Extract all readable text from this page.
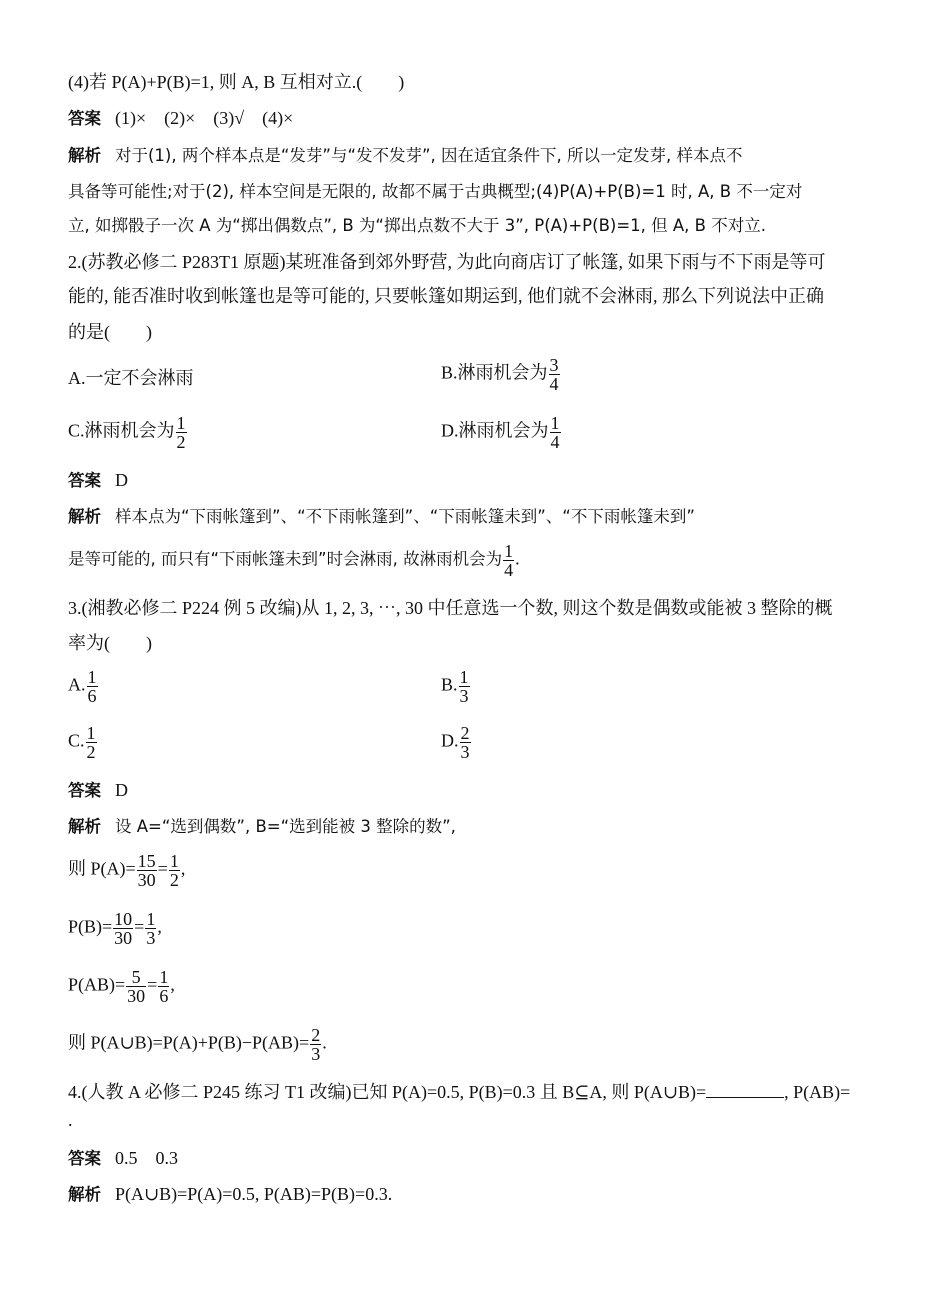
(4)若 P(A)+P(B)=1, 则 A, B 互相对立.(　　)
答案 (1)×　(2)×　(3)√　(4)×
解析 对于(1), 两个样本点是“发芽”与“发不发芽”, 因在适宜条件下, 所以一定发芽, 样本点不
具备等可能性;对于(2), 样本空间是无限的, 故都不属于古典概型;(4)P(A)+P(B)=1 时, A, B 不一定对
立, 如掷骰子一次 A 为“掷出偶数点”, B 为“掷出点数不大于 3”, P(A)+P(B)=1, 但 A, B 不对立.
2.(苏教必修二 P283T1 原题)某班准备到郊外野营, 为此向商店订了帐篷, 如果下雨与不下雨是等可
能的, 能否准时收到帐篷也是等可能的, 只要帐篷如期运到, 他们就不会淋雨, 那么下列说法中正确
的是(　　)
A.一定不会淋雨	B.淋雨机会为 $\frac{3}{4}$
C.淋雨机会为 $\frac{1}{2}$	D.淋雨机会为 $\frac{1}{4}$
答案 D
解析 样本点为“下雨帐篷到”、“不下雨帐篷到”、“下雨帐篷未到”、“不下雨帐篷未到”
是等可能的, 而只有“下雨帐篷未到”时会淋雨, 故淋雨机会为 $\frac{1}{4}$ .
3.(湘教必修二 P224 例 5 改编)从 1, 2, 3, ⋯, 30 中任意选一个数, 则这个数是偶数或能被 3 整除的概
率为(　　)
A. $\frac{1}{6}$	B. $\frac{1}{3}$
C. $\frac{1}{2}$	D. $\frac{2}{3}$
答案 D
解析 设 A=“选到偶数”, B=“选到能被 3 整除的数”,
则 $P(A)= \frac{15}{30} = \frac{1}{2}$ ,
$P(B)= \frac{10}{30} = \frac{1}{3}$ ,
$P(AB)= \frac{5}{30} = \frac{1}{6}$ ,
则 P(A∪B)=P(A)+P(B)−P(AB)= $\frac{2}{3}$ .
4.(人教 A 必修二 P245 练习 T1 改编)已知 P(A)=0.5, P(B)=0.3 且 B⊆A, 则 P(A∪B)=	, P(AB)=
.
答案 0.5　0.3
解析 P(A∪B)=P(A)=0.5, P(AB)=P(B)=0.3.
